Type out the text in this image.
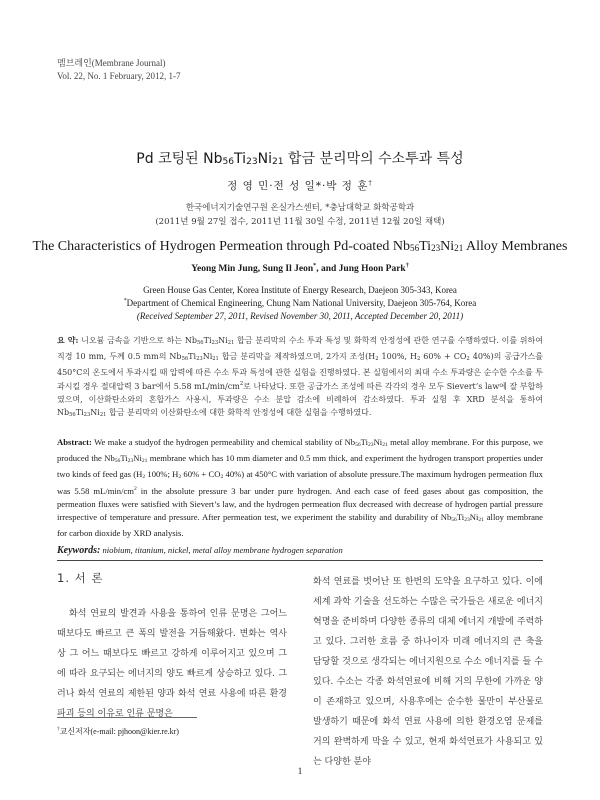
멤브레인(Membrane Journal)
Vol. 22, No. 1 February, 2012, 1-7
Pd 코팅된 $Nb_{56}Ti_{23}Ni_{21}$ 합금 분리막의 수소투과 특성
정 영 민·전 성 일*·박 정 훈†
한국에너지기술연구원 온실가스센터, *충남대학교 화학공학과
(2011년 9월 27일 접수, 2011년 11월 30일 수정, 2011년 12월 20일 채택)
The Characteristics of Hydrogen Permeation through Pd-coated $Nb_{56}Ti_{23}Ni_{21}$ Alloy Membranes
Yeong Min Jung, Sung Il Jeon*, and Jung Hoon Park†
Green House Gas Center, Korea Institute of Energy Research, Daejeon 305-343, Korea
*Department of Chemical Engineering, Chung Nam National University, Daejeon 305-764, Korea
(Received September 27, 2011, Revised November 30, 2011, Accepted December 20, 2011)
요 약: 니오븀 금속을 기반으로 하는 $Nb_{56}Ti_{23}Ni_{21}$ 합금 분리막의 수소 투과 특성 및 화학적 안정성에 관한 연구를 수행하였다. 이를 위하여 직경 10 mm, 두께 0.5 mm의 $Nb_{56}Ti_{23}Ni_{21}$ 합금 분리막을 제작하였으며, 2가지 조성($H_2$ 100%, $H_2$ $60\% + CO_2$ 40%)의 공급가스를 450°C의 온도에서 투과시킬 때 압력에 따른 수소 투과 특성에 관한 실험을 진행하였다. 본 실험에서의 최대 수소 투과량은 순수한 수소를 투과시킬 경우 절대압력 3 bar에서 5.58 $mL/\min/cm^2$로 나타났다. 또한 공급가스 조성에 따른 각각의 경우 모두 Sievert’s law에 잘 부합하였으며, 이산화탄소와의 혼합가스 사용시, 투과량은 수소 분압 감소에 비례하여 감소하였다. 투과 실험 후 XRD 분석을 통하여 $Nb_{56}Ti_{23}Ni_{21}$ 합금 분리막의 이산화탄소에 대한 화학적 안정성에 대한 실험을 수행하였다.
Abstract: We make a studyof the hydrogen permeability and chemical stability of $Nb_{56}Ti_{23}Ni_{21}$ metal alloy membrane. For this purpose, we produced the $Nb_{56}Ti_{23}Ni_{21}$ membrane which has 10 mm diameter and 0.5 mm thick, and experiment the hydrogen transport properties under two kinds of feed gas ($H_2$ 100%; $H_2$ $60\% + CO_2$ 40%) at 450°C with variation of absolute pressure.The maximum hydrogen permeation flux was 5.58 $mL/\min/cm^2$ in the absolute pressure 3 bar under pure hydrogen. And each case of feed gases about gas composition, the permeation fluxes were satisfied with Sievert’s law, and the hydrogen permeation flux decreased with decrease of hydrogen partial pressure irrespective of temperature and pressure. After permeation test, we experiment the stability and durability of $Nb_{56}Ti_{23}Ni_{21}$ alloy membrane for carbon dioxide by XRD analysis.
Keywords: niobium, titanium, nickel, metal alloy membrane hydrogen separation
1. 서 론
화석 연료의 발견과 사용을 통하여 인류 문명은 그어느 때보다도 빠르고 큰 폭의 발전을 거듭해왔다. 변화는 역사상 그 어느 때보다도 빠르고 강하게 이루어지고 있으며 그에 따라 요구되는 에너지의 양도 빠르게 상승하고 있다. 그러나 화석 연료의 제한된 양과 화석 연료 사용에 따른 환경 파괴 등의 이유로 인류 문명은
화석 연료를 벗어난 또 한번의 도약을 요구하고 있다. 이에 세계 과학 기술을 선도하는 수많은 국가들은 새로운 에너지 혁명을 준비하며 다양한 종류의 대체 에너지 개발에 주력하고 있다. 그러한 흐름 중 하나이자 미래 에너지의 큰 축을 담당할 것으로 생각되는 에너지원으로 수소 에너지를 들 수 있다. 수소는 각종 화석연료에 비해 거의 무한에 가까운 양이 존재하고 있으며, 사용후에는 순수한 물만이 부산물로 발생하기 때문에 화석 연료 사용에 의한 환경오염 문제를 거의 완벽하게 막을 수 있고, 현재 화석연료가 사용되고 있는 다양한 분야
†교신저자(e-mail: pjhoon@kier.re.kr)
1
